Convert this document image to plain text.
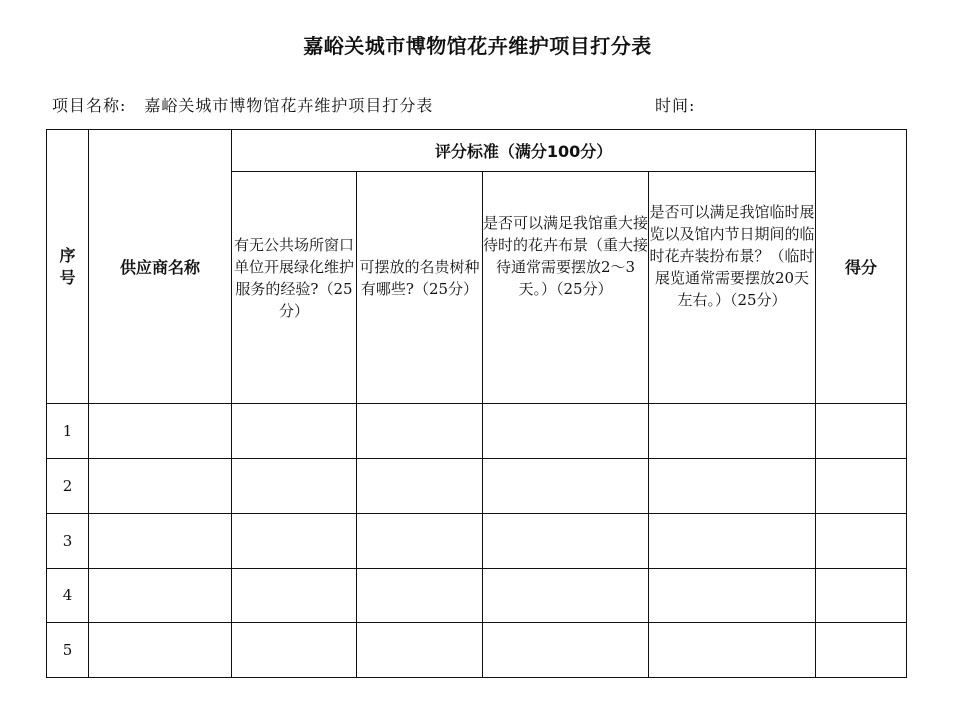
嘉峪关城市博物馆花卉维护项目打分表
项目名称: 嘉峪关城市博物馆花卉维护项目打分表	时间:
序号	供应商名称	评分标准（满分100分）				得分
		有无公共场所窗口单位开展绿化维护服务的经验?（25分）	可摆放的名贵树种有哪些?（25分）	是否可以满足我馆重大接待时的花卉布景（重大接待通常需要摆放2～3天。）（25分）	是否可以满足我馆临时展览以及馆内节日期间的临时花卉装扮布景？（临时展览通常需要摆放20天左右。）（25分）	
1						
2						
3						
4						
5						
